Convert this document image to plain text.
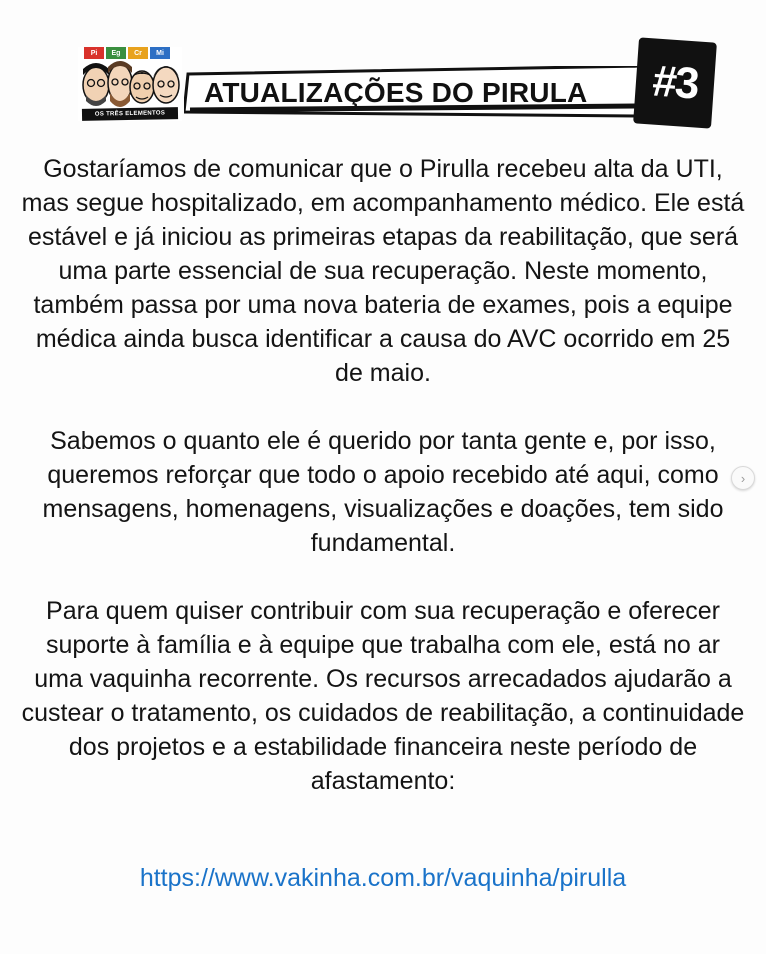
Pi	Eg	Cr	Mi
OS TRÊS ELEMENTOS
ATUALIZAÇÕES DO PIRULA	#3

Gostaríamos de comunicar que o Pirulla recebeu alta da UTI, mas segue hospitalizado, em acompanhamento médico. Ele está estável e já iniciou as primeiras etapas da reabilitação, que será uma parte essencial de sua recuperação. Neste momento, também passa por uma nova bateria de exames, pois a equipe médica ainda busca identificar a causa do AVC ocorrido em 25 de maio.

Sabemos o quanto ele é querido por tanta gente e, por isso, queremos reforçar que todo o apoio recebido até aqui, como mensagens, homenagens, visualizações e doações, tem sido fundamental.

Para quem quiser contribuir com sua recuperação e oferecer suporte à família e à equipe que trabalha com ele, está no ar uma vaquinha recorrente. Os recursos arrecadados ajudarão a custear o tratamento, os cuidados de reabilitação, a continuidade dos projetos e a estabilidade financeira neste período de afastamento:

https://www.vakinha.com.br/vaquinha/pirulla
›
